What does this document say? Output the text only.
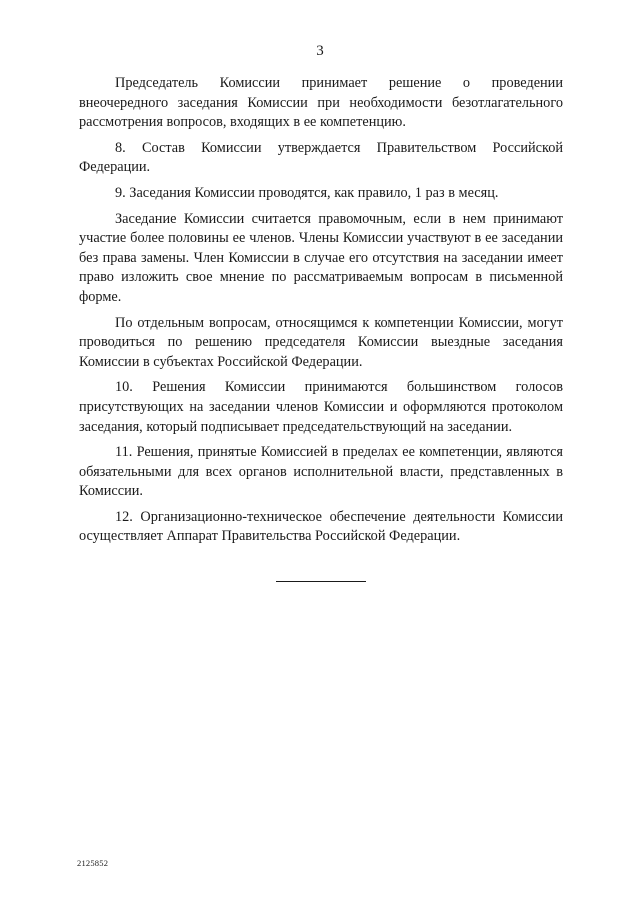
3

Председатель Комиссии принимает решение о проведении внеочередного заседания Комиссии при необходимости безотлагательного рассмотрения вопросов, входящих в ее компетенцию.

8. Состав Комиссии утверждается Правительством Российской Федерации.

9. Заседания Комиссии проводятся, как правило, 1 раз в месяц.

Заседание Комиссии считается правомочным, если в нем принимают участие более половины ее членов. Члены Комиссии участвуют в ее заседании без права замены. Член Комиссии в случае его отсутствия на заседании имеет право изложить свое мнение по рассматриваемым вопросам в письменной форме.

По отдельным вопросам, относящимся к компетенции Комиссии, могут проводиться по решению председателя Комиссии выездные заседания Комиссии в субъектах Российской Федерации.

10. Решения Комиссии принимаются большинством голосов присутствующих на заседании членов Комиссии и оформляются протоколом заседания, который подписывает председательствующий на заседании.

11. Решения, принятые Комиссией в пределах ее компетенции, являются обязательными для всех органов исполнительной власти, представленных в Комиссии.

12. Организационно-техническое обеспечение деятельности Комиссии осуществляет Аппарат Правительства Российской Федерации.

2125852
